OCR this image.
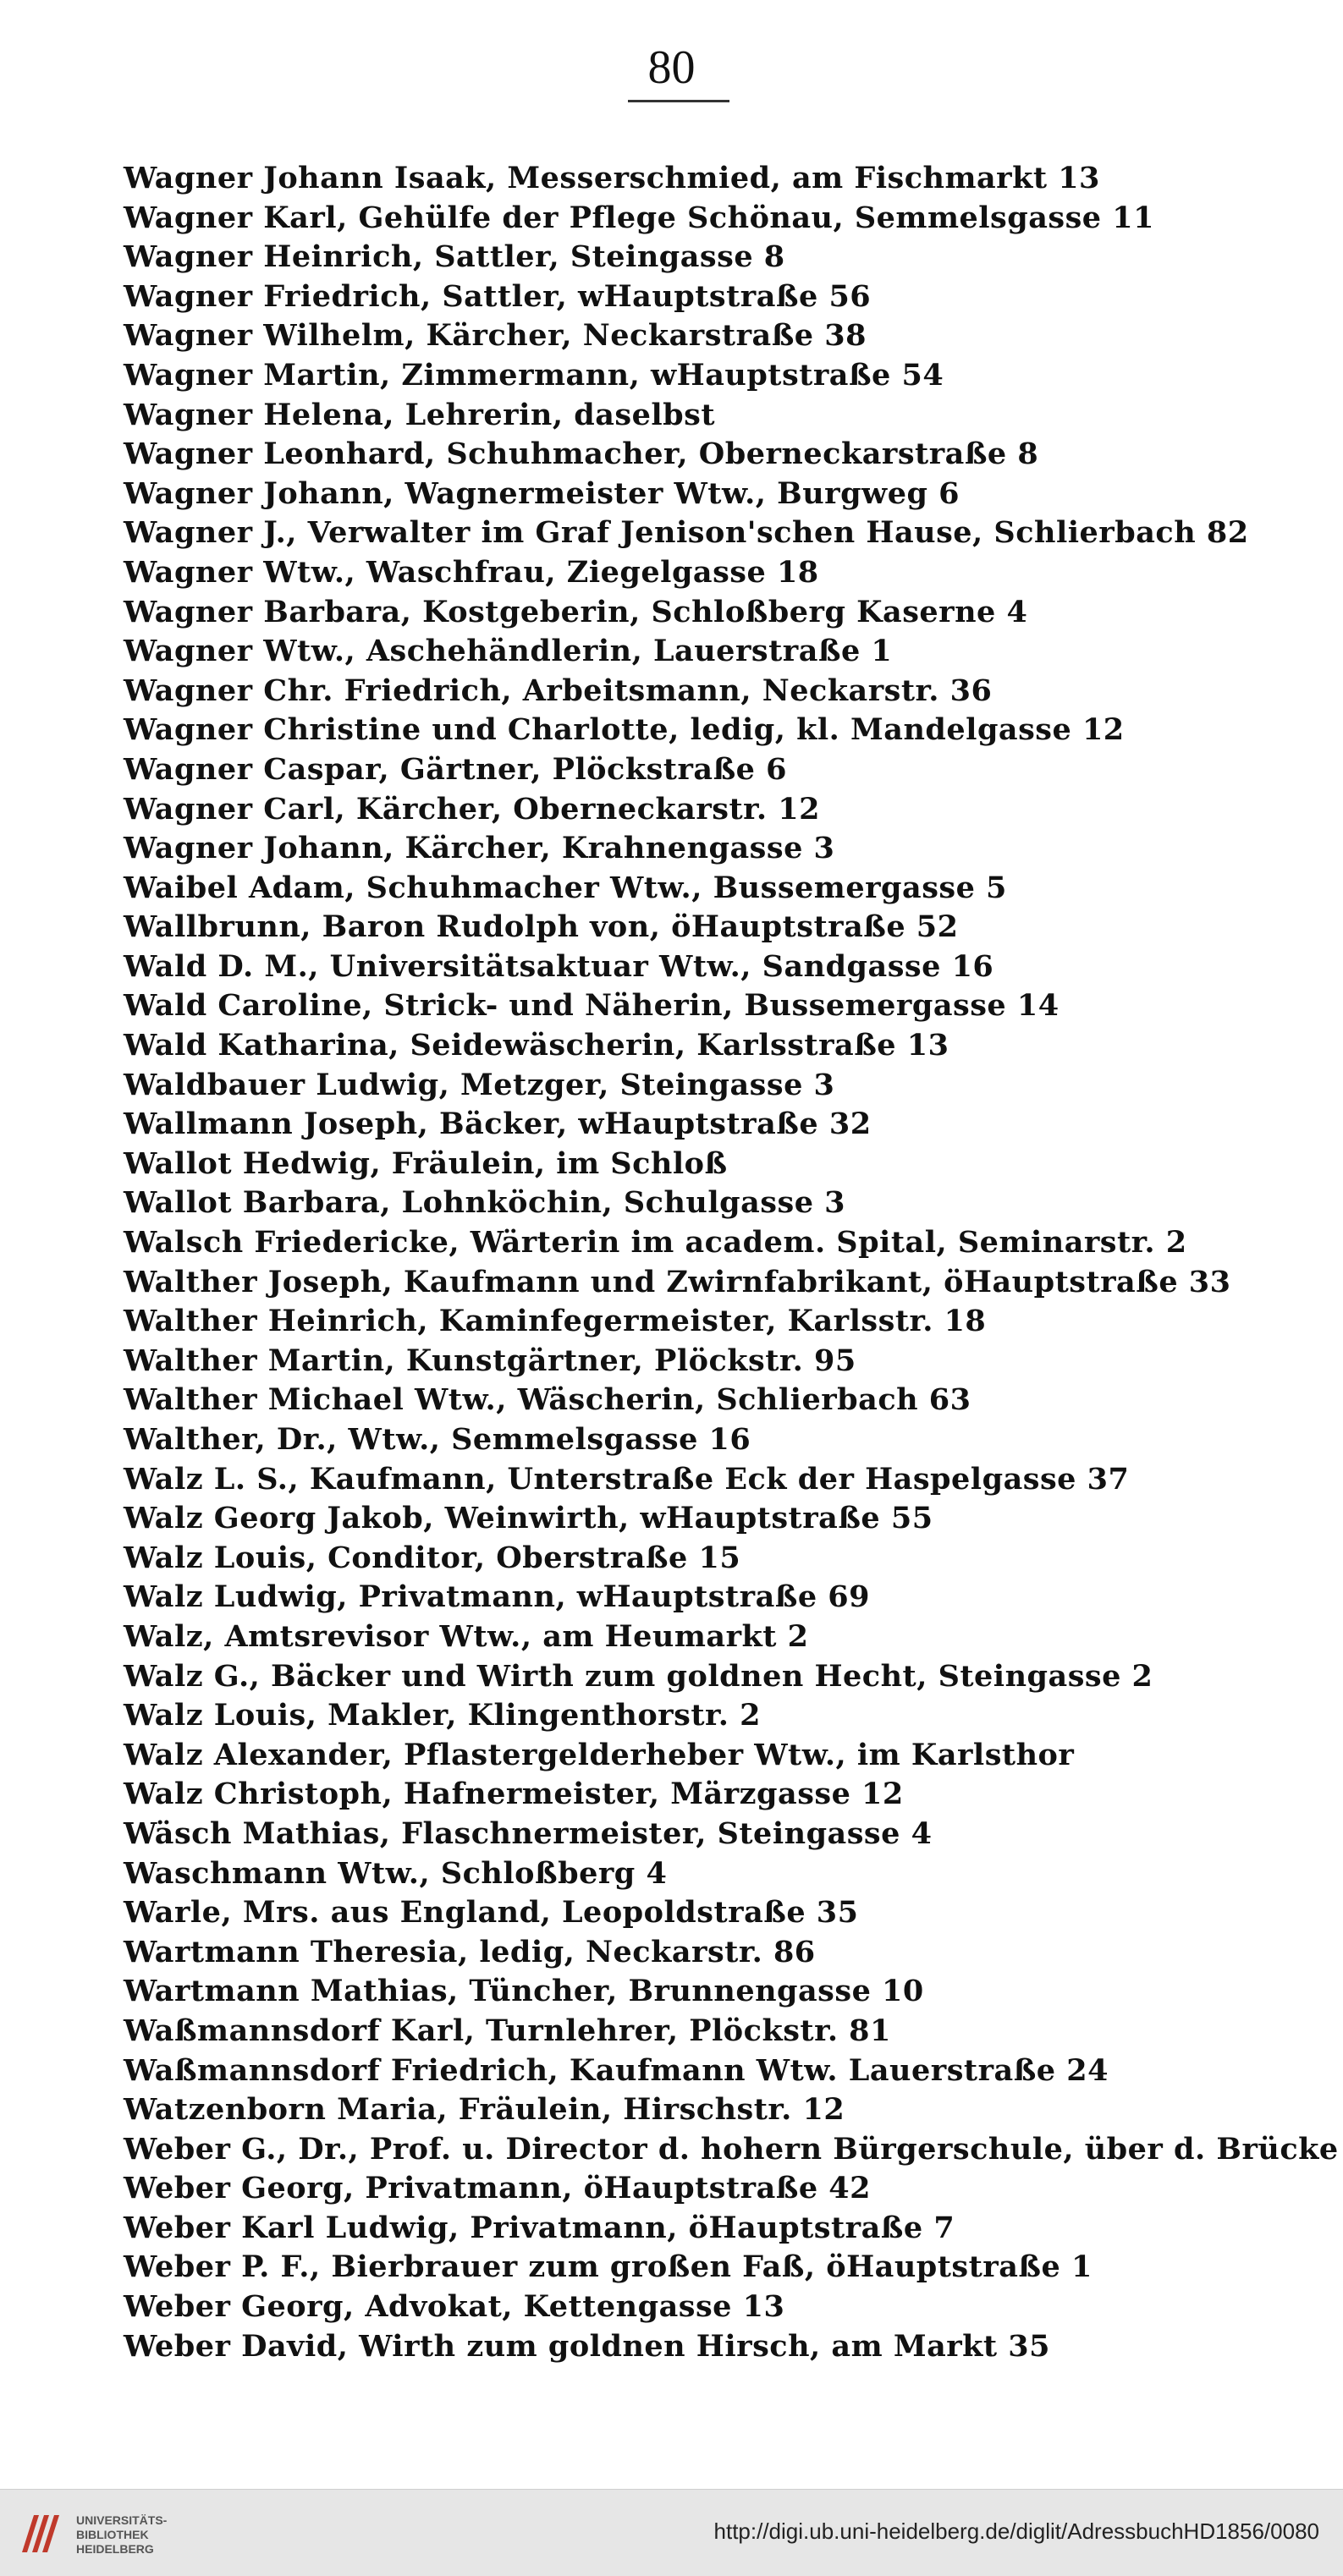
80
Wagner Johann Isaak, Messerschmied, am Fischmarkt 13
Wagner Karl, Gehülfe der Pflege Schönau, Semmelsgasse 11
Wagner Heinrich, Sattler, Steingasse 8
Wagner Friedrich, Sattler, wHauptstraße 56
Wagner Wilhelm, Kärcher, Neckarstraße 38
Wagner Martin, Zimmermann, wHauptstraße 54
Wagner Helena, Lehrerin, daselbst
Wagner Leonhard, Schuhmacher, Oberneckarstraße 8
Wagner Johann, Wagnermeister Wtw., Burgweg 6
Wagner J., Verwalter im Graf Jenison'schen Hause, Schlierbach 82
Wagner Wtw., Waschfrau, Ziegelgasse 18
Wagner Barbara, Kostgeberin, Schloßberg Kaserne 4
Wagner Wtw., Aschehändlerin, Lauerstraße 1
Wagner Chr. Friedrich, Arbeitsmann, Neckarstr. 36
Wagner Christine und Charlotte, ledig, kl. Mandelgasse 12
Wagner Caspar, Gärtner, Plöckstraße 6
Wagner Carl, Kärcher, Oberneckarstr. 12
Wagner Johann, Kärcher, Krahnengasse 3
Waibel Adam, Schuhmacher Wtw., Bussemergasse 5
Wallbrunn, Baron Rudolph von, öHauptstraße 52
Wald D. M., Universitätsaktuar Wtw., Sandgasse 16
Wald Caroline, Strick- und Näherin, Bussemergasse 14
Wald Katharina, Seidewäscherin, Karlsstraße 13
Waldbauer Ludwig, Metzger, Steingasse 3
Wallmann Joseph, Bäcker, wHauptstraße 32
Wallot Hedwig, Fräulein, im Schloß
Wallot Barbara, Lohnköchin, Schulgasse 3
Walsch Friedericke, Wärterin im academ. Spital, Seminarstr. 2
Walther Joseph, Kaufmann und Zwirnfabrikant, öHauptstraße 33
Walther Heinrich, Kaminfegermeister, Karlsstr. 18
Walther Martin, Kunstgärtner, Plöckstr. 95
Walther Michael Wtw., Wäscherin, Schlierbach 63
Walther, Dr., Wtw., Semmelsgasse 16
Walz L. S., Kaufmann, Unterstraße Eck der Haspelgasse 37
Walz Georg Jakob, Weinwirth, wHauptstraße 55
Walz Louis, Conditor, Oberstraße 15
Walz Ludwig, Privatmann, wHauptstraße 69
Walz, Amtsrevisor Wtw., am Heumarkt 2
Walz G., Bäcker und Wirth zum goldnen Hecht, Steingasse 2
Walz Louis, Makler, Klingenthorstr. 2
Walz Alexander, Pflastergelderheber Wtw., im Karlsthor
Walz Christoph, Hafnermeister, Märzgasse 12
Wäsch Mathias, Flaschnermeister, Steingasse 4
Waschmann Wtw., Schloßberg 4
Warle, Mrs. aus England, Leopoldstraße 35
Wartmann Theresia, ledig, Neckarstr. 86
Wartmann Mathias, Tüncher, Brunnengasse 10
Waßmannsdorf Karl, Turnlehrer, Plöckstr. 81
Waßmannsdorf Friedrich, Kaufmann Wtw. Lauerstraße 24
Watzenborn Maria, Fräulein, Hirschstr. 12
Weber G., Dr., Prof. u. Director d. hohern Bürgerschule, über d. Brücke
Weber Georg, Privatmann, öHauptstraße 42
Weber Karl Ludwig, Privatmann, öHauptstraße 7
Weber P. F., Bierbrauer zum großen Faß, öHauptstraße 1
Weber Georg, Advokat, Kettengasse 13
Weber David, Wirth zum goldnen Hirsch, am Markt 35
UNIVERSITÄTS-
BIBLIOTHEK
HEIDELBERG
http://digi.ub.uni-heidelberg.de/diglit/AdressbuchHD1856/0080
